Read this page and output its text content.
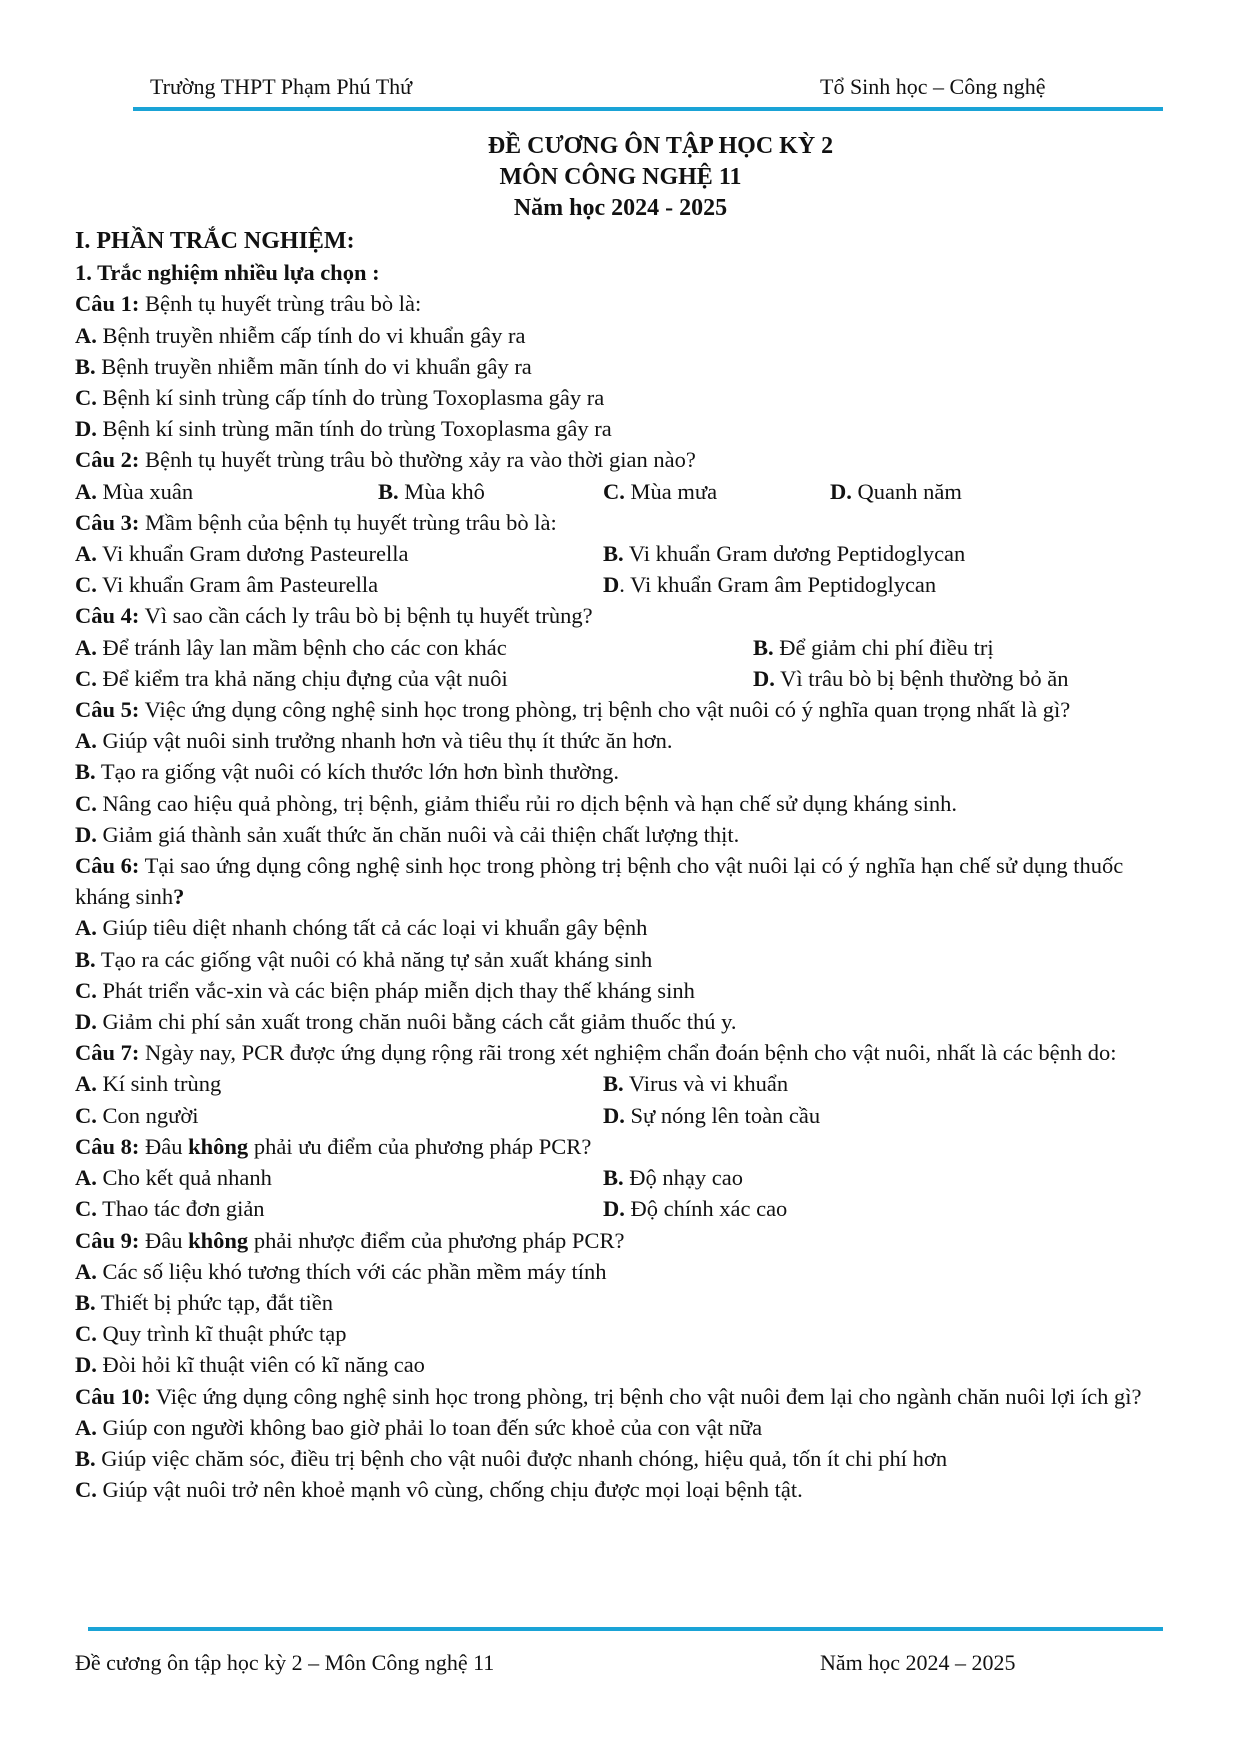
Trường THPT Phạm Phú Thứ	Tổ Sinh học – Công nghệ
ĐỀ CƯƠNG ÔN TẬP HỌC KỲ 2
MÔN CÔNG NGHỆ 11
Năm học 2024 - 2025
I. PHẦN TRẮC NGHIỆM:
1. Trắc nghiệm nhiều lựa chọn :
Câu 1: Bệnh tụ huyết trùng trâu bò là:
A. Bệnh truyền nhiễm cấp tính do vi khuẩn gây ra
B. Bệnh truyền nhiễm mãn tính do vi khuẩn gây ra
C. Bệnh kí sinh trùng cấp tính do trùng Toxoplasma gây ra
D. Bệnh kí sinh trùng mãn tính do trùng Toxoplasma gây ra
Câu 2: Bệnh tụ huyết trùng trâu bò thường xảy ra vào thời gian nào?
A. Mùa xuân	B. Mùa khô	C. Mùa mưa	D. Quanh năm
Câu 3: Mầm bệnh của bệnh tụ huyết trùng trâu bò là:
A. Vi khuẩn Gram dương Pasteurella	B. Vi khuẩn Gram dương Peptidoglycan
C. Vi khuẩn Gram âm Pasteurella	D. Vi khuẩn Gram âm Peptidoglycan
Câu 4: Vì sao cần cách ly trâu bò bị bệnh tụ huyết trùng?
A. Để tránh lây lan mầm bệnh cho các con khác	B. Để giảm chi phí điều trị
C. Để kiểm tra khả năng chịu đựng của vật nuôi	D. Vì trâu bò bị bệnh thường bỏ ăn
Câu 5: Việc ứng dụng công nghệ sinh học trong phòng, trị bệnh cho vật nuôi có ý nghĩa quan trọng nhất là gì?
A. Giúp vật nuôi sinh trưởng nhanh hơn và tiêu thụ ít thức ăn hơn.
B. Tạo ra giống vật nuôi có kích thước lớn hơn bình thường.
C. Nâng cao hiệu quả phòng, trị bệnh, giảm thiểu rủi ro dịch bệnh và hạn chế sử dụng kháng sinh.
D. Giảm giá thành sản xuất thức ăn chăn nuôi và cải thiện chất lượng thịt.
Câu 6: Tại sao ứng dụng công nghệ sinh học trong phòng trị bệnh cho vật nuôi lại có ý nghĩa hạn chế sử dụng thuốc kháng sinh?
A. Giúp tiêu diệt nhanh chóng tất cả các loại vi khuẩn gây bệnh
B. Tạo ra các giống vật nuôi có khả năng tự sản xuất kháng sinh
C. Phát triển vắc-xin và các biện pháp miễn dịch thay thế kháng sinh
D. Giảm chi phí sản xuất trong chăn nuôi bằng cách cắt giảm thuốc thú y.
Câu 7: Ngày nay, PCR được ứng dụng rộng rãi trong xét nghiệm chẩn đoán bệnh cho vật nuôi, nhất là các bệnh do:
A. Kí sinh trùng	B. Virus và vi khuẩn
C. Con người	D. Sự nóng lên toàn cầu
Câu 8: Đâu không phải ưu điểm của phương pháp PCR?
A. Cho kết quả nhanh	B. Độ nhạy cao
C. Thao tác đơn giản	D. Độ chính xác cao
Câu 9: Đâu không phải nhược điểm của phương pháp PCR?
A. Các số liệu khó tương thích với các phần mềm máy tính
B. Thiết bị phức tạp, đắt tiền
C. Quy trình kĩ thuật phức tạp
D. Đòi hỏi kĩ thuật viên có kĩ năng cao
Câu 10: Việc ứng dụng công nghệ sinh học trong phòng, trị bệnh cho vật nuôi đem lại cho ngành chăn nuôi lợi ích gì?
A. Giúp con người không bao giờ phải lo toan đến sức khoẻ của con vật nữa
B. Giúp việc chăm sóc, điều trị bệnh cho vật nuôi được nhanh chóng, hiệu quả, tốn ít chi phí hơn
C. Giúp vật nuôi trở nên khoẻ mạnh vô cùng, chống chịu được mọi loại bệnh tật.
Đề cương ôn tập học kỳ 2 – Môn Công nghệ 11	Năm học 2024 – 2025
